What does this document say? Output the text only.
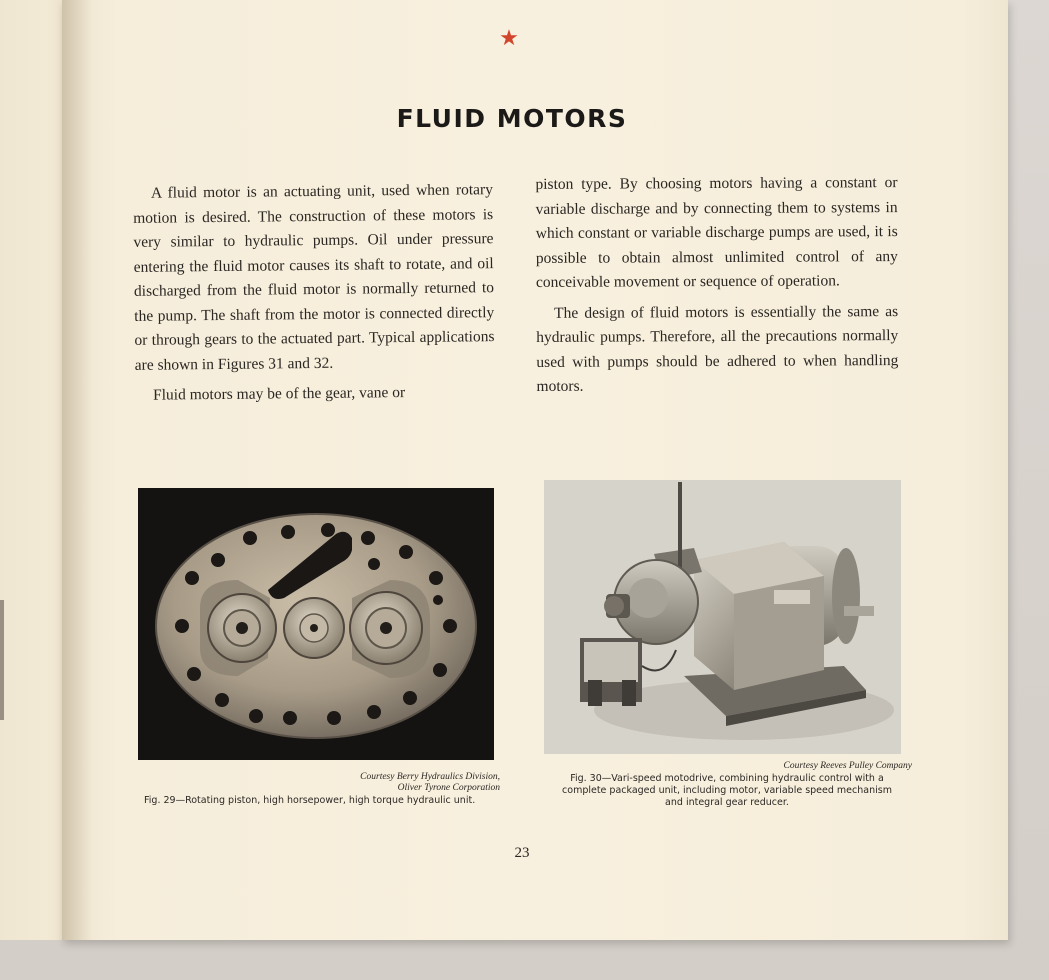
★
FLUID MOTORS

A fluid motor is an actuating unit, used when rotary motion is desired. The construction of these motors is very similar to hydraulic pumps. Oil under pressure entering the fluid motor causes its shaft to rotate, and oil discharged from the fluid motor is normally returned to the pump. The shaft from the motor is connected directly or through gears to the actuated part. Typical applications are shown in Figures 31 and 32.

Fluid motors may be of the gear, vane or

piston type. By choosing motors having a constant or variable discharge and by connecting them to systems in which constant or variable discharge pumps are used, it is possible to obtain almost unlimited control of any conceivable movement or sequence of operation.

The design of fluid motors is essentially the same as hydraulic pumps. Therefore, all the precautions normally used with pumps should be adhered to when handling motors.

Courtesy Berry Hydraulics Division,
Oliver Tyrone Corporation
Fig. 29—Rotating piston, high horsepower, high torque hydraulic unit.
Courtesy Reeves Pulley Company
Fig. 30—Vari-speed motodrive, combining hydraulic control with a
complete packaged unit, including motor, variable speed mechanism
and integral gear reducer.
23
